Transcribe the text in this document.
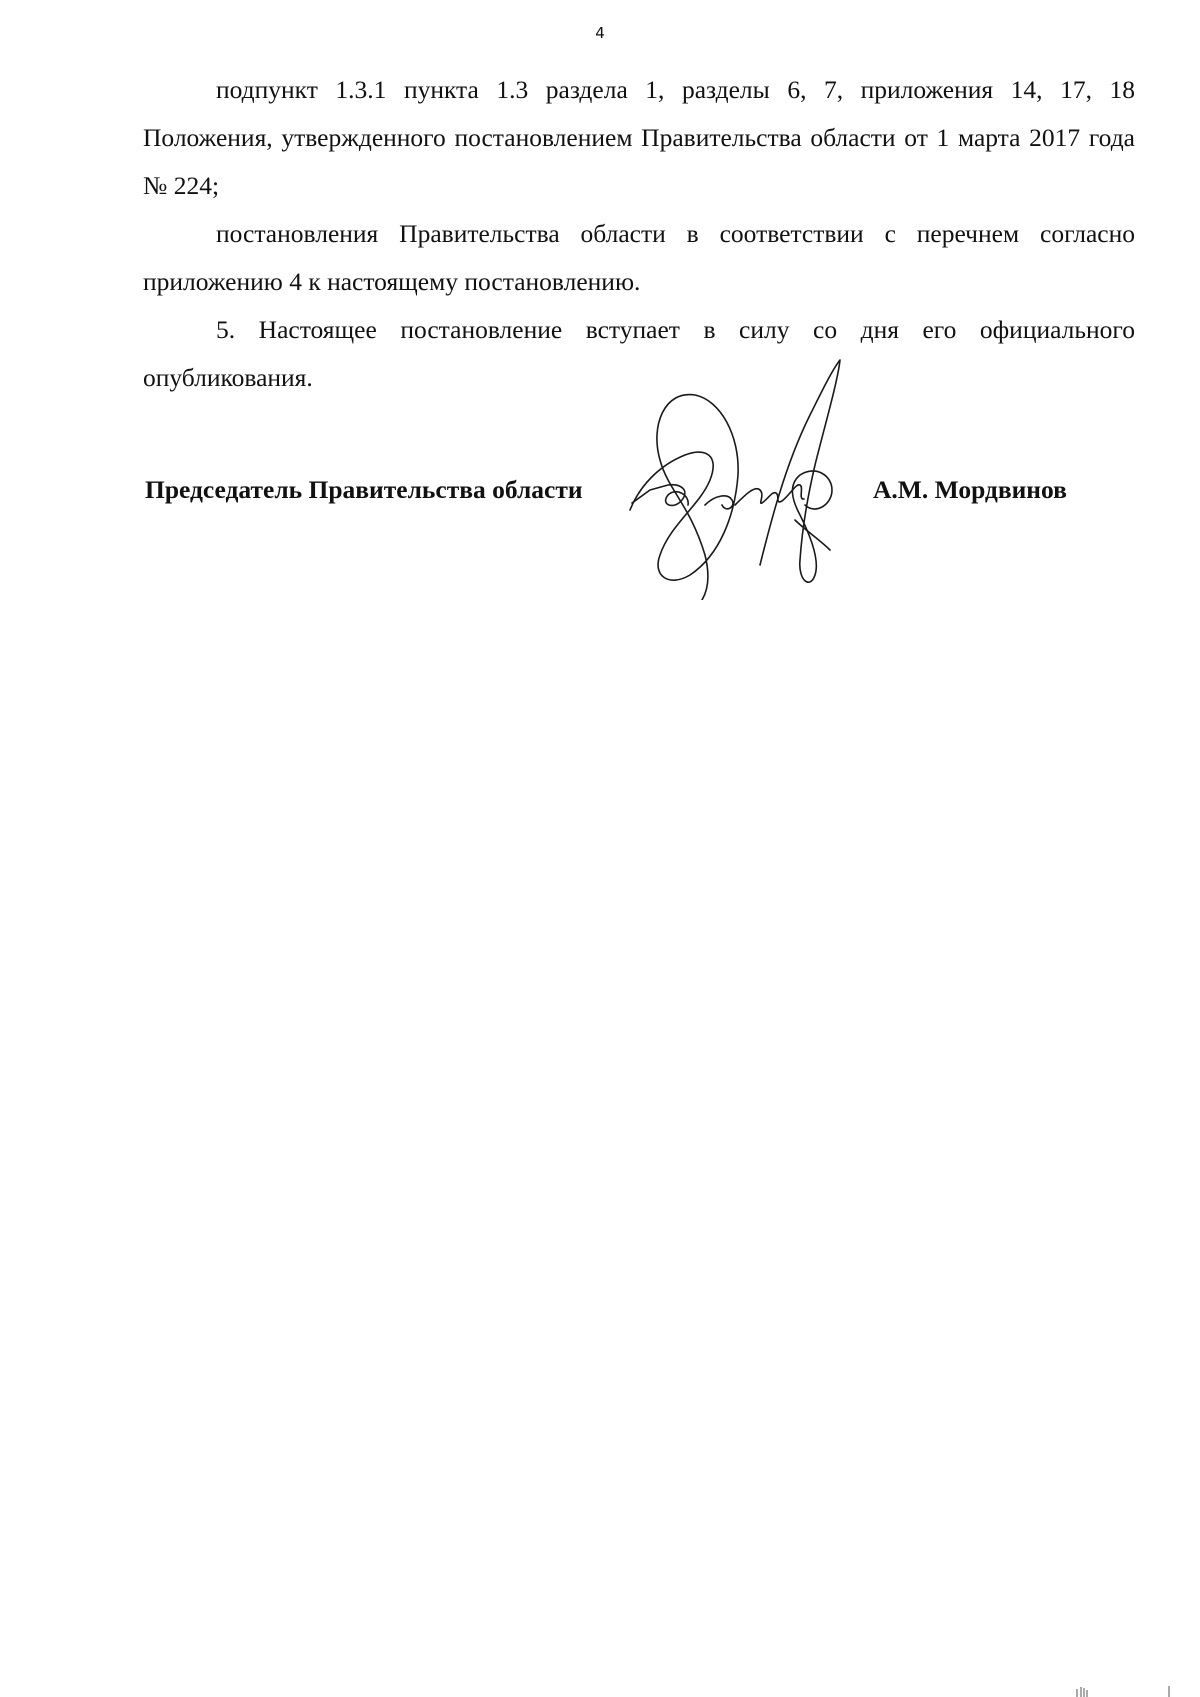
4

подпункт 1.3.1 пункта 1.3 раздела 1, разделы 6, 7, приложения 14, 17, 18 Положения, утвержденного постановлением Правительства области от 1 марта 2017 года № 224;

постановления Правительства области в соответствии с перечнем согласно приложению 4 к настоящему постановлению.

5. Настоящее постановление вступает в силу со дня его официального опубликования.

Председатель Правительства области	А.М. Мордвинов
